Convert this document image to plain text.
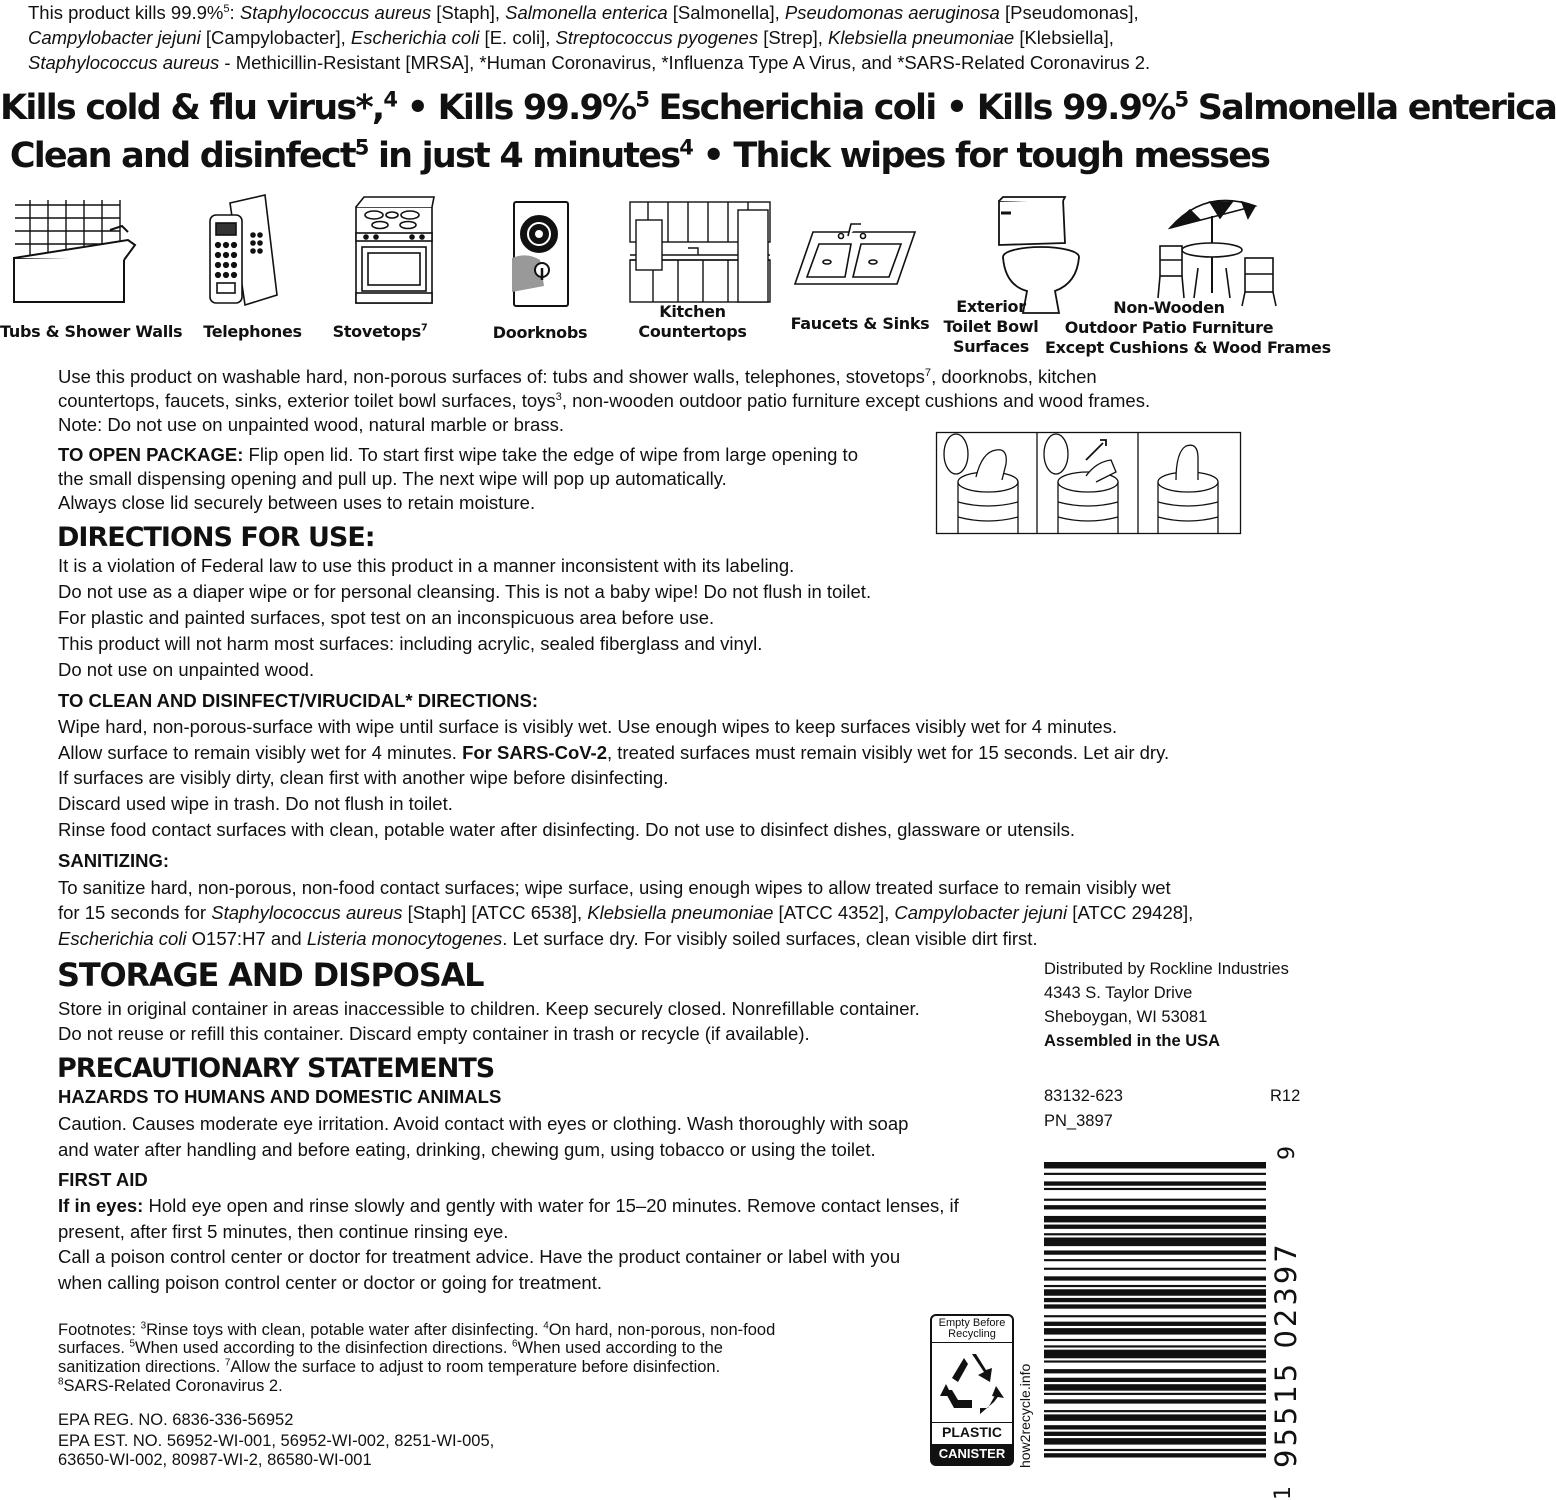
This product kills 99.9%$^5$: Staphylococcus aureus [Staph], Salmonella enterica [Salmonella], Pseudomonas aeruginosa [Pseudomonas],
Campylobacter jejuni [Campylobacter], Escherichia coli [E. coli], Streptococcus pyogenes [Strep], Klebsiella pneumoniae [Klebsiella],
Staphylococcus aureus - Methicillin-Resistant [MRSA], *Human Coronavirus, *Influenza Type A Virus, and *SARS-Related Coronavirus 2.
Kills cold & flu virus*,$^4$ • Kills 99.9%$^5$ Escherichia coli • Kills 99.9%$^5$ Salmonella enterica
Clean and disinfect$^5$ in just 4 minutes$^4$ • Thick wipes for tough messes
Tubs & Shower Walls	Telephones	Stovetops$^7$	Doorknobs
Kitchen
Countertops	Faucets & Sinks
Exterior
Toilet Bowl
Surfaces
Non-Wooden
Outdoor Patio Furniture
Except Cushions & Wood Frames
Use this product on washable hard, non-porous surfaces of: tubs and shower walls, telephones, stovetops$^7$, doorknobs, kitchen
countertops, faucets, sinks, exterior toilet bowl surfaces, toys$^3$, non-wooden outdoor patio furniture except cushions and wood frames.
Note: Do not use on unpainted wood, natural marble or brass.
TO OPEN PACKAGE: Flip open lid. To start first wipe take the edge of wipe from large opening to
the small dispensing opening and pull up. The next wipe will pop up automatically.
Always close lid securely between uses to retain moisture.
DIRECTIONS FOR USE:
It is a violation of Federal law to use this product in a manner inconsistent with its labeling.
Do not use as a diaper wipe or for personal cleansing. This is not a baby wipe! Do not flush in toilet.
For plastic and painted surfaces, spot test on an inconspicuous area before use.
This product will not harm most surfaces: including acrylic, sealed fiberglass and vinyl.
Do not use on unpainted wood.
TO CLEAN AND DISINFECT/VIRUCIDAL* DIRECTIONS:
Wipe hard, non-porous-surface with wipe until surface is visibly wet. Use enough wipes to keep surfaces visibly wet for 4 minutes.
Allow surface to remain visibly wet for 4 minutes. For SARS-CoV-2, treated surfaces must remain visibly wet for 15 seconds. Let air dry.
If surfaces are visibly dirty, clean first with another wipe before disinfecting.
Discard used wipe in trash. Do not flush in toilet.
Rinse food contact surfaces with clean, potable water after disinfecting. Do not use to disinfect dishes, glassware or utensils.
SANITIZING:
To sanitize hard, non-porous, non-food contact surfaces; wipe surface, using enough wipes to allow treated surface to remain visibly wet
for 15 seconds for Staphylococcus aureus [Staph] [ATCC 6538], Klebsiella pneumoniae [ATCC 4352], Campylobacter jejuni [ATCC 29428],
Escherichia coli O157:H7 and Listeria monocytogenes. Let surface dry. For visibly soiled surfaces, clean visible dirt first.
STORAGE AND DISPOSAL
Store in original container in areas inaccessible to children. Keep securely closed. Nonrefillable container.
Do not reuse or refill this container. Discard empty container in trash or recycle (if available).
Distributed by Rockline Industries
4343 S. Taylor Drive
Sheboygan, WI 53081
Assembled in the USA
83132-623
PN_3897
R12
PRECAUTIONARY STATEMENTS
HAZARDS TO HUMANS AND DOMESTIC ANIMALS
Caution. Causes moderate eye irritation. Avoid contact with eyes or clothing. Wash thoroughly with soap
and water after handling and before eating, drinking, chewing gum, using tobacco or using the toilet.
FIRST AID
If in eyes: Hold eye open and rinse slowly and gently with water for 15–20 minutes. Remove contact lenses, if
present, after first 5 minutes, then continue rinsing eye.
Call a poison control center or doctor for treatment advice. Have the product container or label with you
when calling poison control center or doctor or going for treatment.
Footnotes: $^3$Rinse toys with clean, potable water after disinfecting. $^4$On hard, non-porous, non-food
surfaces. $^5$When used according to the disinfection directions. $^6$When used according to the
sanitization directions. $^7$Allow the surface to adjust to room temperature before disinfection.
$^8$SARS-Related Coronavirus 2.
EPA REG. NO. 6836-336-56952
EPA EST. NO. 56952-WI-001, 56952-WI-002, 8251-WI-005,
63650-WI-002, 80987-WI-2, 86580-WI-001
Empty Before
Recycling
PLASTIC
CANISTER how2recycle.info
1
95515 02397
9
